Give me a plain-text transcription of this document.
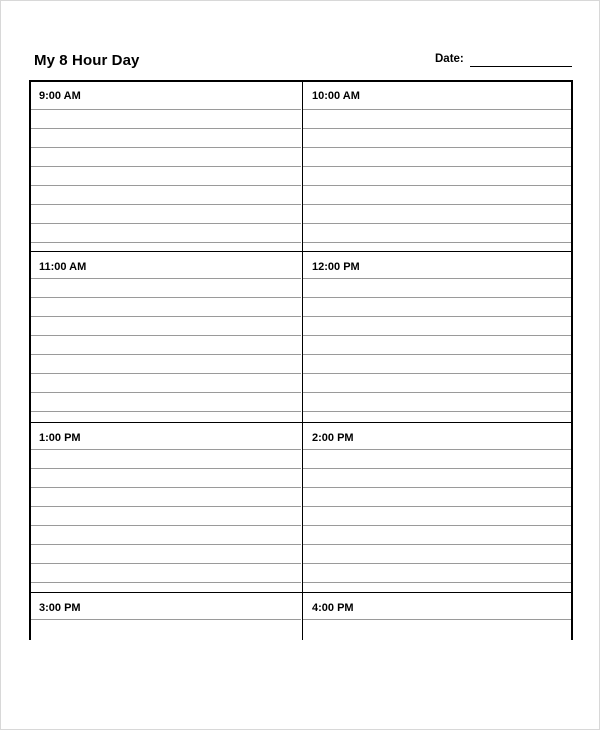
My 8 Hour Day	Date:
9:00 AM	10:00 AM
11:00 AM	12:00 PM
1:00 PM	2:00 PM
3:00 PM	4:00 PM
